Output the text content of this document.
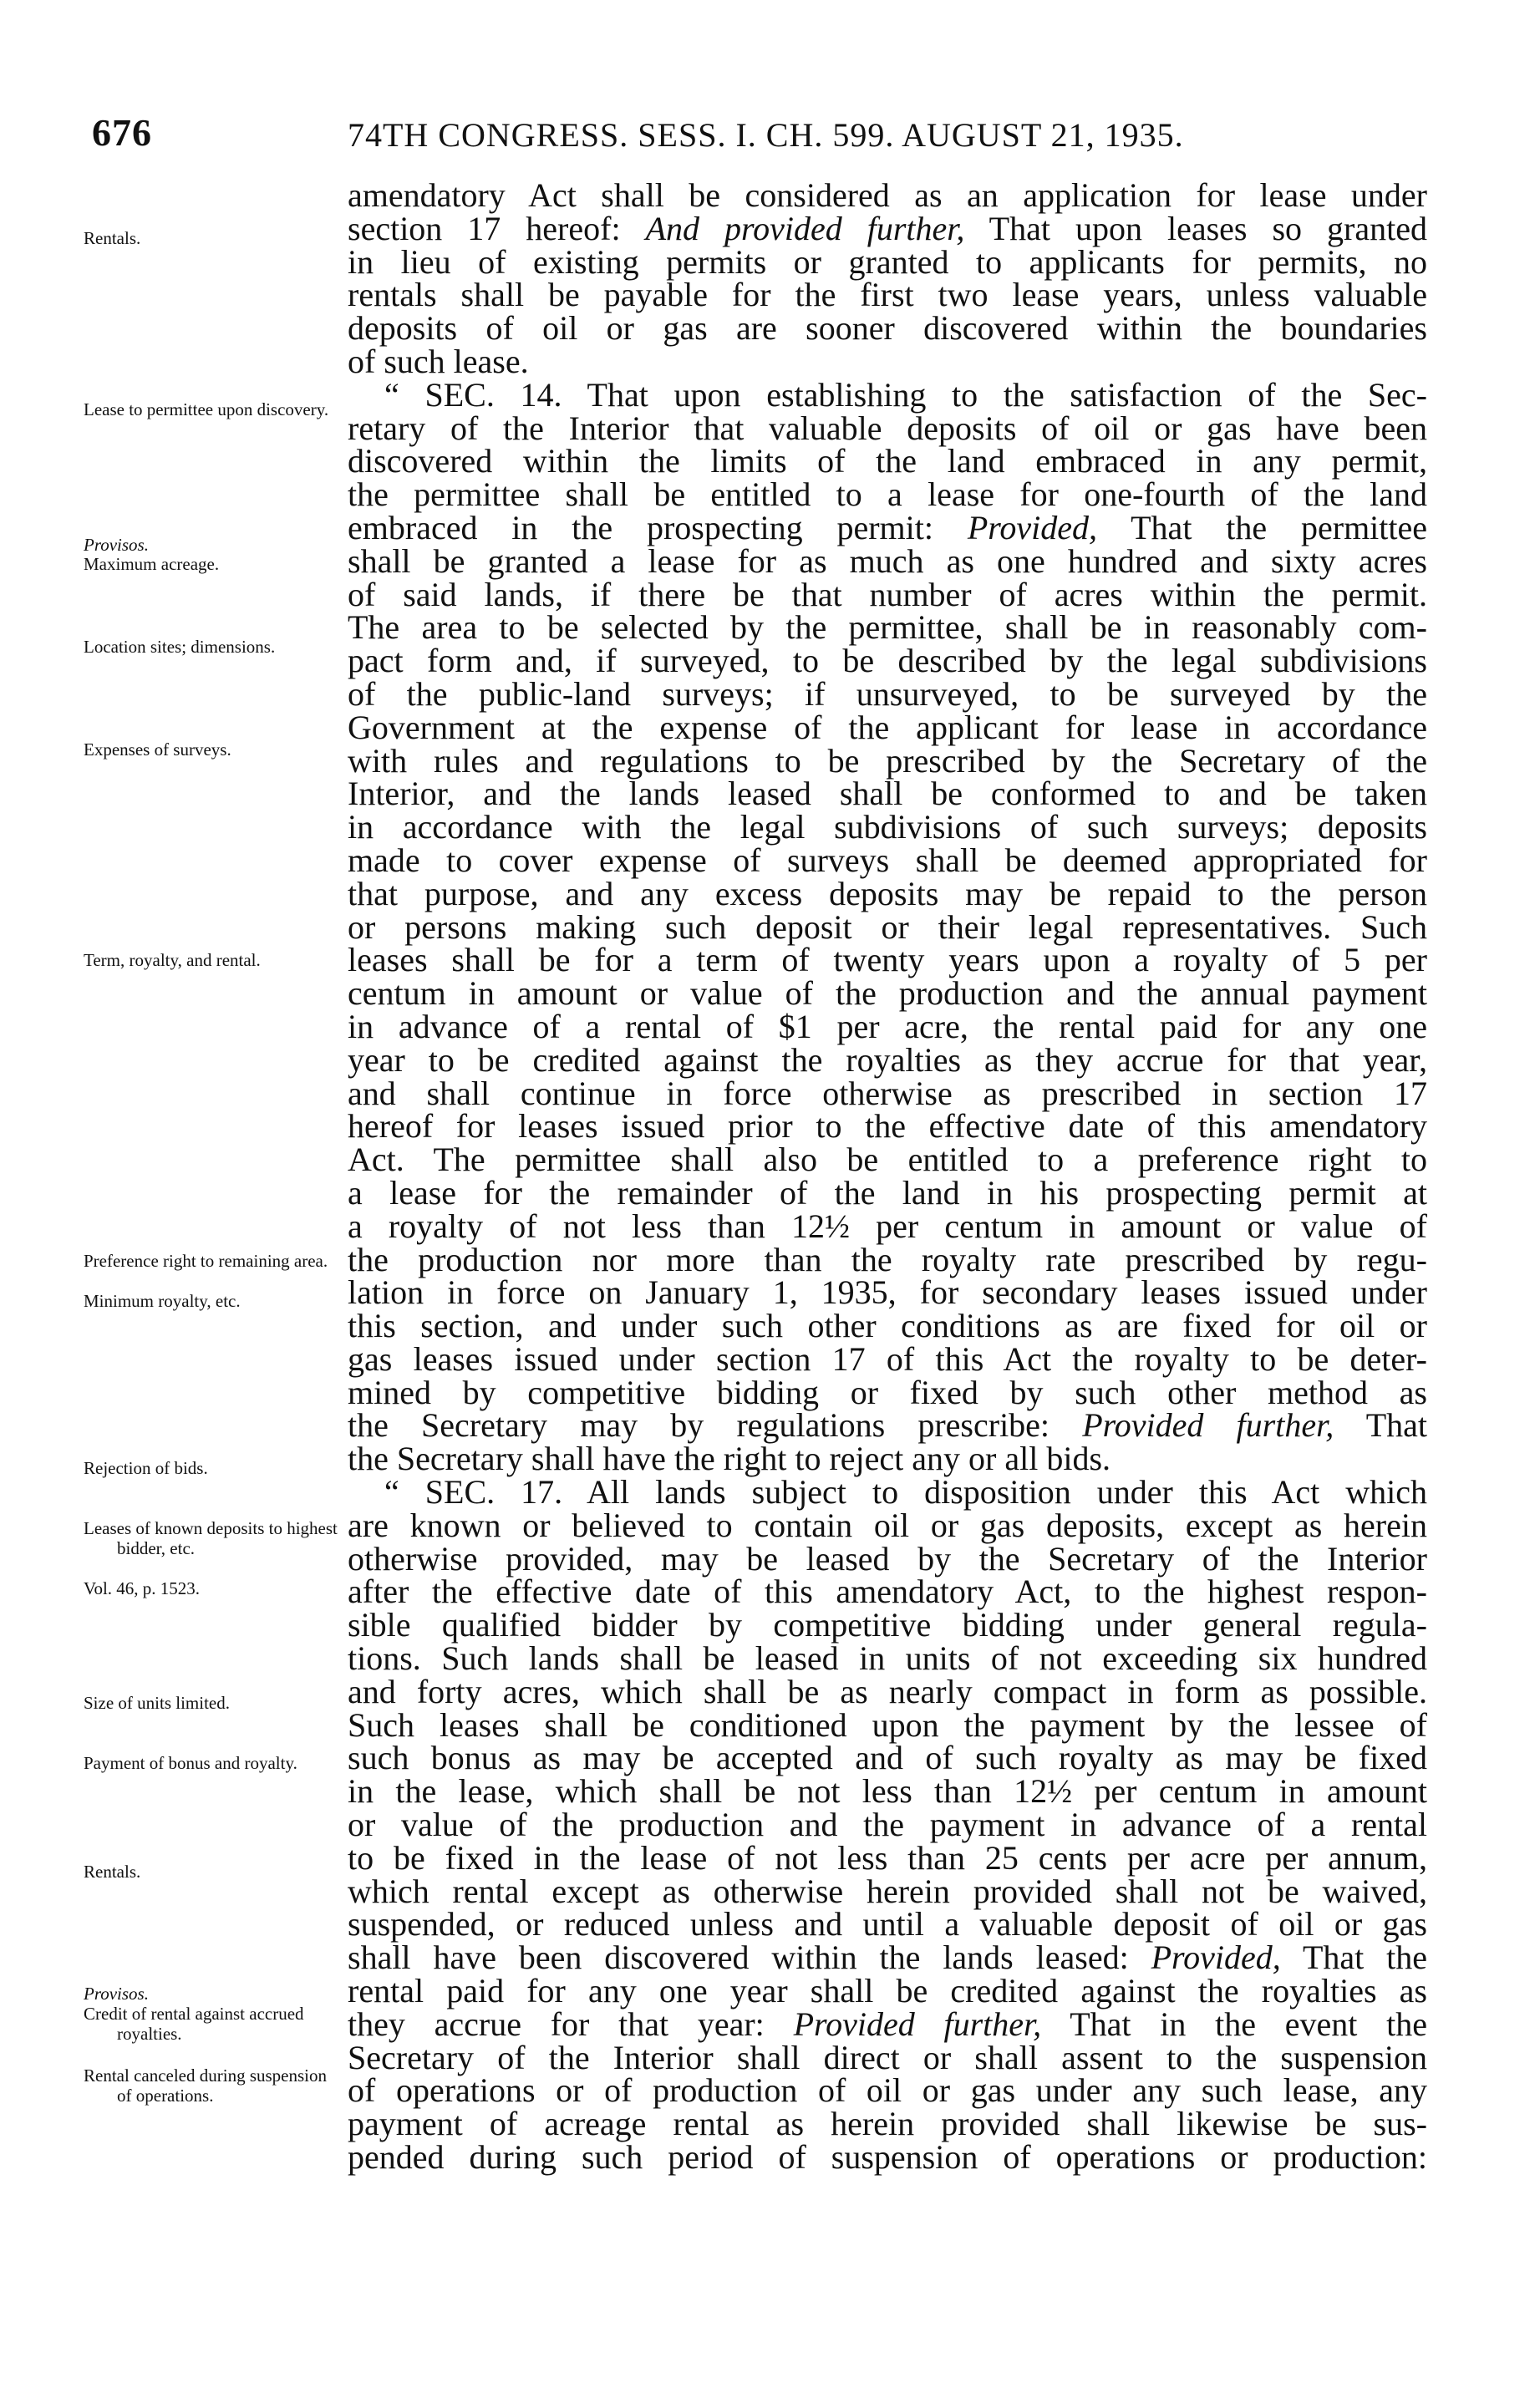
676	74TH CONGRESS. SESS. I. CH. 599. AUGUST 21, 1935.
Rentals.
Lease to permittee upon discovery.
Provisos.
Maximum acreage.
Location sites; dimensions.
Expenses of surveys.
Term, royalty, and rental.
Preference right to remaining area.
Minimum royalty, etc.
Rejection of bids.
Leases of known deposits to highest bidder, etc.
Vol. 46, p. 1523.
Size of units limited.
Payment of bonus and royalty.
Rentals.
Provisos.
Credit of rental against accrued royalties.
Rental canceled during suspension of operations.
amendatory Act shall be considered as an application for lease under
section 17 hereof: And provided further, That upon leases so granted
in lieu of existing permits or granted to applicants for permits, no
rentals shall be payable for the first two lease years, unless valuable
deposits of oil or gas are sooner discovered within the boundaries
of such lease.
“ SEC. 14. That upon establishing to the satisfaction of the Sec-
retary of the Interior that valuable deposits of oil or gas have been
discovered within the limits of the land embraced in any permit,
the permittee shall be entitled to a lease for one-fourth of the land
embraced in the prospecting permit: Provided, That the permittee
shall be granted a lease for as much as one hundred and sixty acres
of said lands, if there be that number of acres within the permit.
The area to be selected by the permittee, shall be in reasonably com-
pact form and, if surveyed, to be described by the legal subdivisions
of the public-land surveys; if unsurveyed, to be surveyed by the
Government at the expense of the applicant for lease in accordance
with rules and regulations to be prescribed by the Secretary of the
Interior, and the lands leased shall be conformed to and be taken
in accordance with the legal subdivisions of such surveys; deposits
made to cover expense of surveys shall be deemed appropriated for
that purpose, and any excess deposits may be repaid to the person
or persons making such deposit or their legal representatives. Such
leases shall be for a term of twenty years upon a royalty of 5 per
centum in amount or value of the production and the annual payment
in advance of a rental of $1 per acre, the rental paid for any one
year to be credited against the royalties as they accrue for that year,
and shall continue in force otherwise as prescribed in section 17
hereof for leases issued prior to the effective date of this amendatory
Act. The permittee shall also be entitled to a preference right to
a lease for the remainder of the land in his prospecting permit at
a royalty of not less than 12½ per centum in amount or value of
the production nor more than the royalty rate prescribed by regu-
lation in force on January 1, 1935, for secondary leases issued under
this section, and under such other conditions as are fixed for oil or
gas leases issued under section 17 of this Act the royalty to be deter-
mined by competitive bidding or fixed by such other method as
the Secretary may by regulations prescribe: Provided further, That
the Secretary shall have the right to reject any or all bids.
“ SEC. 17. All lands subject to disposition under this Act which
are known or believed to contain oil or gas deposits, except as herein
otherwise provided, may be leased by the Secretary of the Interior
after the effective date of this amendatory Act, to the highest respon-
sible qualified bidder by competitive bidding under general regula-
tions. Such lands shall be leased in units of not exceeding six hundred
and forty acres, which shall be as nearly compact in form as possible.
Such leases shall be conditioned upon the payment by the lessee of
such bonus as may be accepted and of such royalty as may be fixed
in the lease, which shall be not less than 12½ per centum in amount
or value of the production and the payment in advance of a rental
to be fixed in the lease of not less than 25 cents per acre per annum,
which rental except as otherwise herein provided shall not be waived,
suspended, or reduced unless and until a valuable deposit of oil or gas
shall have been discovered within the lands leased: Provided, That the
rental paid for any one year shall be credited against the royalties as
they accrue for that year: Provided further, That in the event the
Secretary of the Interior shall direct or shall assent to the suspension
of operations or of production of oil or gas under any such lease, any
payment of acreage rental as herein provided shall likewise be sus-
pended during such period of suspension of operations or production:
